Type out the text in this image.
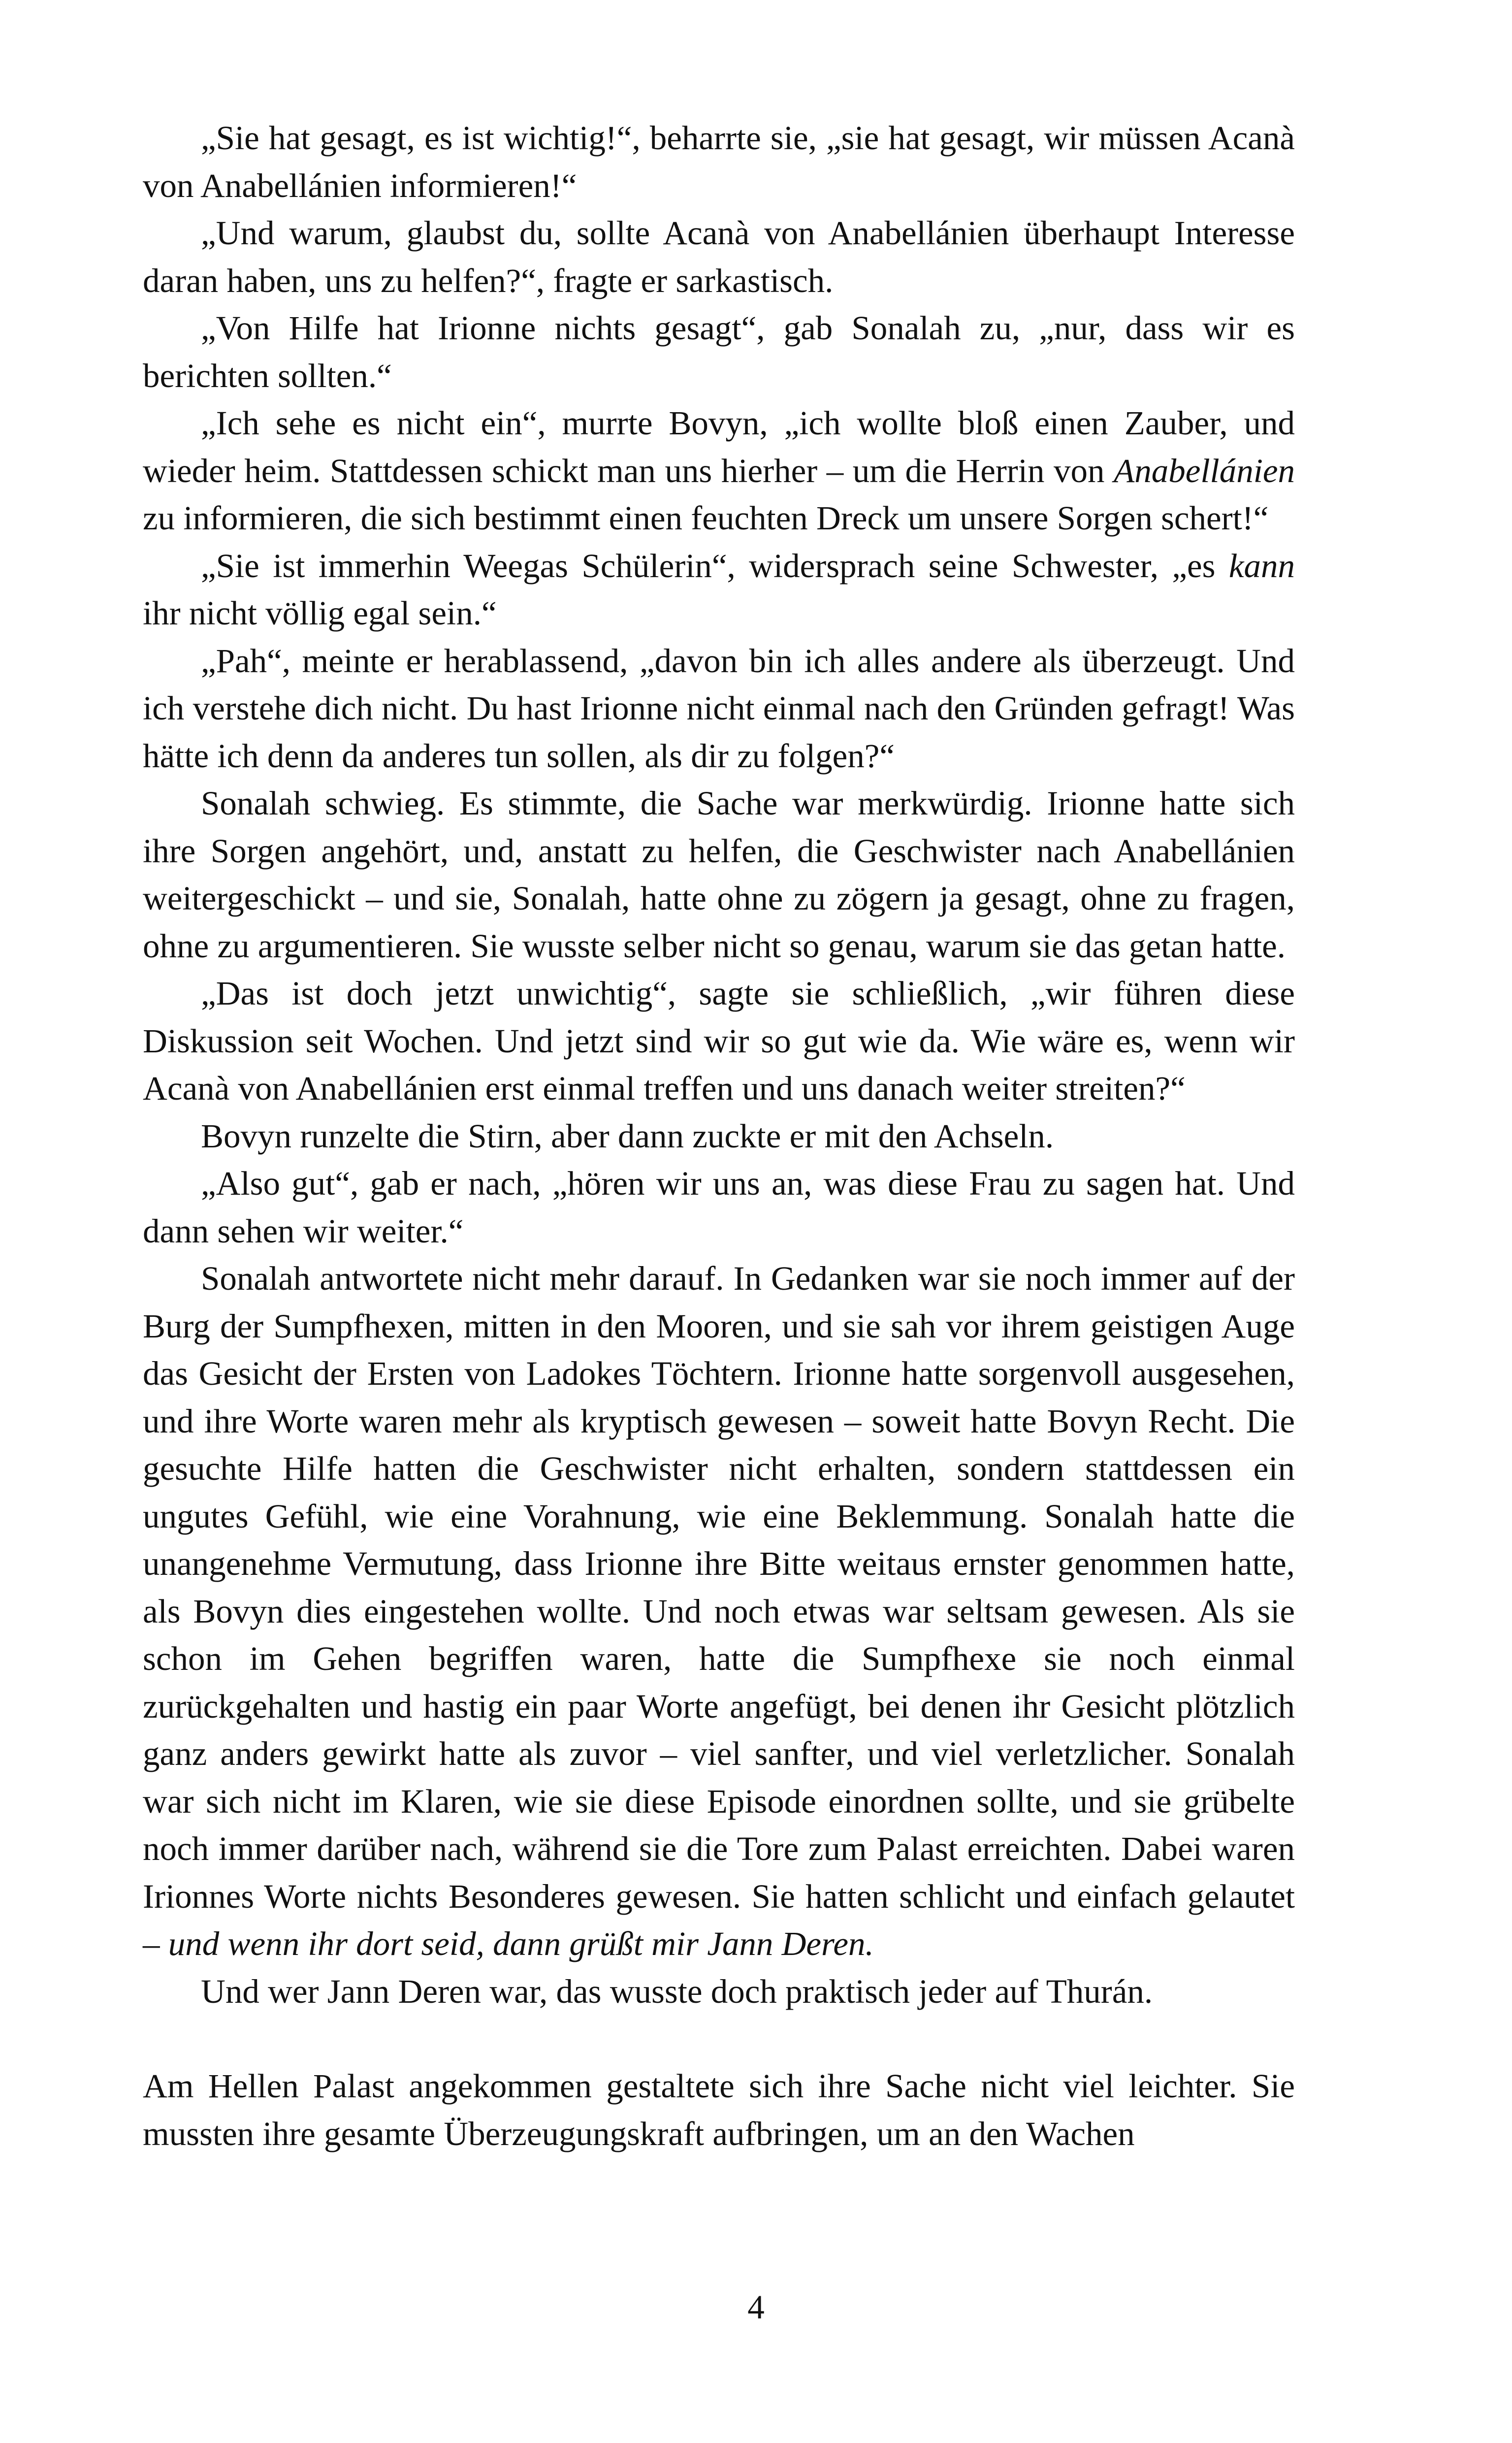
„Sie hat gesagt, es ist wichtig!“, beharrte sie, „sie hat gesagt, wir müssen Acanà von Anabellánien informieren!“

„Und warum, glaubst du, sollte Acanà von Anabellánien überhaupt Interesse daran haben, uns zu helfen?“, fragte er sarkastisch.

„Von Hilfe hat Irionne nichts gesagt“, gab Sonalah zu, „nur, dass wir es berichten sollten.“

„Ich sehe es nicht ein“, murrte Bovyn, „ich wollte bloß einen Zauber, und wieder heim. Stattdessen schickt man uns hierher – um die Herrin von Anabellánien zu informieren, die sich bestimmt einen feuchten Dreck um unsere Sorgen schert!“

„Sie ist immerhin Weegas Schülerin“, widersprach seine Schwester, „es kann ihr nicht völlig egal sein.“

„Pah“, meinte er herablassend, „davon bin ich alles andere als überzeugt. Und ich verstehe dich nicht. Du hast Irionne nicht einmal nach den Gründen gefragt! Was hätte ich denn da anderes tun sollen, als dir zu folgen?“

Sonalah schwieg. Es stimmte, die Sache war merkwürdig. Irionne hatte sich ihre Sorgen angehört, und, anstatt zu helfen, die Geschwister nach Anabellánien weitergeschickt – und sie, Sonalah, hatte ohne zu zögern ja gesagt, ohne zu fragen, ohne zu argumentieren. Sie wusste selber nicht so genau, warum sie das getan hatte.

„Das ist doch jetzt unwichtig“, sagte sie schließlich, „wir führen diese Diskussion seit Wochen. Und jetzt sind wir so gut wie da. Wie wäre es, wenn wir Acanà von Anabellánien erst einmal treffen und uns danach weiter streiten?“

Bovyn runzelte die Stirn, aber dann zuckte er mit den Achseln.

„Also gut“, gab er nach, „hören wir uns an, was diese Frau zu sagen hat. Und dann sehen wir weiter.“

Sonalah antwortete nicht mehr darauf. In Gedanken war sie noch immer auf der Burg der Sumpfhexen, mitten in den Mooren, und sie sah vor ihrem geistigen Auge das Gesicht der Ersten von Ladokes Töchtern. Irionne hatte sorgenvoll ausgesehen, und ihre Worte waren mehr als kryptisch gewesen – soweit hatte Bovyn Recht. Die gesuchte Hilfe hatten die Geschwister nicht erhalten, sondern stattdessen ein ungutes Gefühl, wie eine Vorahnung, wie eine Beklemmung. Sonalah hatte die unangenehme Vermutung, dass Irionne ihre Bitte weitaus ernster genommen hatte, als Bovyn dies eingestehen wollte. Und noch etwas war seltsam gewesen. Als sie schon im Gehen begriffen waren, hatte die Sumpfhexe sie noch einmal zurückgehalten und hastig ein paar Worte angefügt, bei denen ihr Gesicht plötzlich ganz anders gewirkt hatte als zuvor – viel sanfter, und viel verletzlicher. Sonalah war sich nicht im Klaren, wie sie diese Episode einordnen sollte, und sie grübelte noch immer darüber nach, während sie die Tore zum Palast erreichten. Dabei waren Irionnes Worte nichts Besonderes gewesen. Sie hatten schlicht und einfach gelautet – und wenn ihr dort seid, dann grüßt mir Jann Deren.

Und wer Jann Deren war, das wusste doch praktisch jeder auf Thurán.

Am Hellen Palast angekommen gestaltete sich ihre Sache nicht viel leichter. Sie mussten ihre gesamte Überzeugungskraft aufbringen, um an den Wachen

4
